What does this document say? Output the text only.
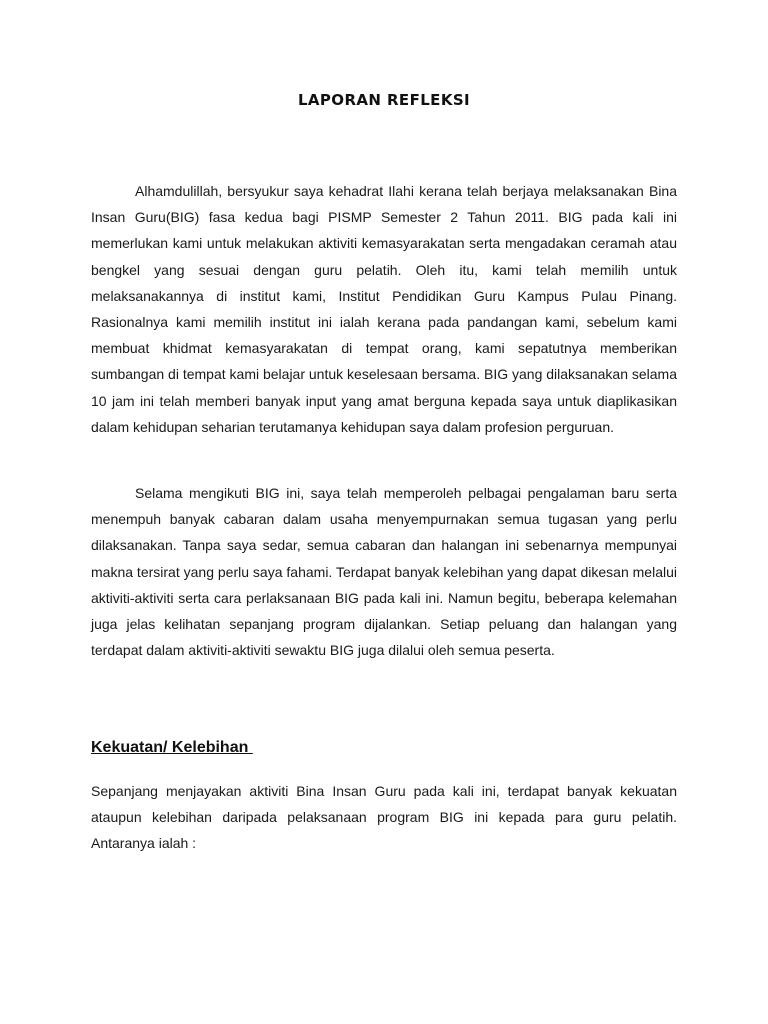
LAPORAN REFLEKSI

Alhamdulillah, bersyukur saya kehadrat Ilahi kerana telah berjaya melaksanakan Bina Insan Guru(BIG) fasa kedua bagi PISMP Semester 2 Tahun 2011. BIG pada kali ini memerlukan kami untuk melakukan aktiviti kemasyarakatan serta mengadakan ceramah atau bengkel yang sesuai dengan guru pelatih. Oleh itu, kami telah memilih untuk melaksanakannya di institut kami, Institut Pendidikan Guru Kampus Pulau Pinang. Rasionalnya kami memilih institut ini ialah kerana pada pandangan kami, sebelum kami membuat khidmat kemasyarakatan di tempat orang, kami sepatutnya memberikan sumbangan di tempat kami belajar untuk keselesaan bersama. BIG yang dilaksanakan selama 10 jam ini telah memberi banyak input yang amat berguna kepada saya untuk diaplikasikan dalam kehidupan seharian terutamanya kehidupan saya dalam profesion perguruan.

Selama mengikuti BIG ini, saya telah memperoleh pelbagai pengalaman baru serta menempuh banyak cabaran dalam usaha menyempurnakan semua tugasan yang perlu dilaksanakan. Tanpa saya sedar, semua cabaran dan halangan ini sebenarnya mempunyai makna tersirat yang perlu saya fahami. Terdapat banyak kelebihan yang dapat dikesan melalui aktiviti-aktiviti serta cara perlaksanaan BIG pada kali ini. Namun begitu, beberapa kelemahan juga jelas kelihatan sepanjang program dijalankan. Setiap peluang dan halangan yang terdapat dalam aktiviti-aktiviti sewaktu BIG juga dilalui oleh semua peserta.

Kekuatan/ Kelebihan

Sepanjang menjayakan aktiviti Bina Insan Guru pada kali ini, terdapat banyak kekuatan ataupun kelebihan daripada pelaksanaan program BIG ini kepada para guru pelatih. Antaranya ialah :
